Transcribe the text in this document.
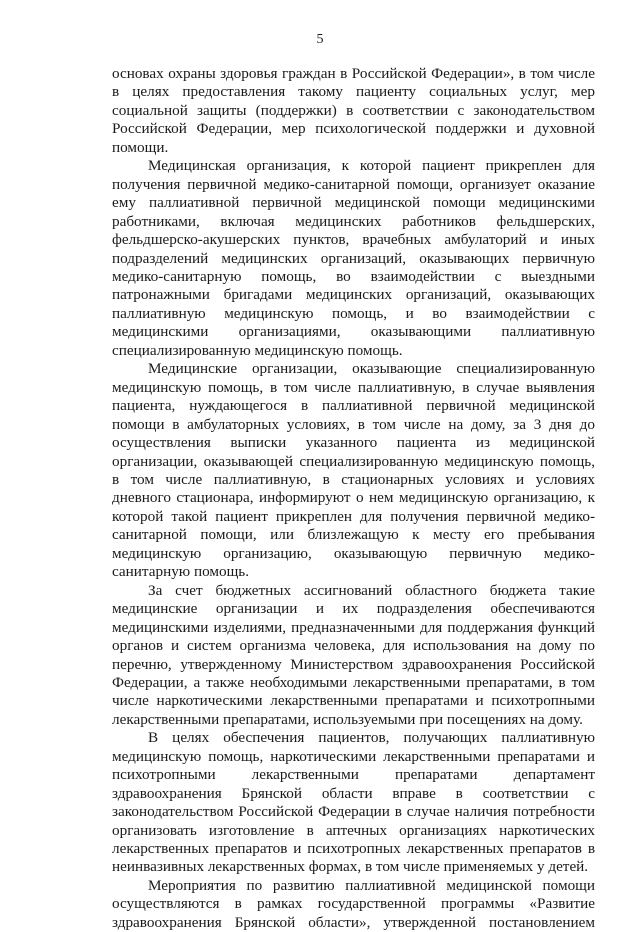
5

основах охраны здоровья граждан в Российской Федерации», в том числе в целях предоставления такому пациенту социальных услуг, мер социальной защиты (поддержки) в соответствии с законодательством Российской Федерации, мер психологической поддержки и духовной помощи.

Медицинская организация, к которой пациент прикреплен для получения первичной медико-санитарной помощи, организует оказание ему паллиативной первичной медицинской помощи медицинскими работниками, включая медицинских работников фельдшерских, фельдшерско-акушерских пунктов, врачебных амбулаторий и иных подразделений медицинских организаций, оказывающих первичную медико-санитарную помощь, во взаимодействии с выездными патронажными бригадами медицинских организаций, оказывающих паллиативную медицинскую помощь, и во взаимодействии с медицинскими организациями, оказывающими паллиативную специализированную медицинскую помощь.

Медицинские организации, оказывающие специализированную медицинскую помощь, в том числе паллиативную, в случае выявления пациента, нуждающегося в паллиативной первичной медицинской помощи в амбулаторных условиях, в том числе на дому, за 3 дня до осуществления выписки указанного пациента из медицинской организации, оказывающей специализированную медицинскую помощь, в том числе паллиативную, в стационарных условиях и условиях дневного стационара, информируют о нем медицинскую организацию, к которой такой пациент прикреплен для получения первичной медико-санитарной помощи, или близлежащую к месту его пребывания медицинскую организацию, оказывающую первичную медико-санитарную помощь.

За счет бюджетных ассигнований областного бюджета такие медицинские организации и их подразделения обеспечиваются медицинскими изделиями, предназначенными для поддержания функций органов и систем организма человека, для использования на дому по перечню, утвержденному Министерством здравоохранения Российской Федерации, а также необходимыми лекарственными препаратами, в том числе наркотическими лекарственными препаратами и психотропными лекарственными препаратами, используемыми при посещениях на дому.

В целях обеспечения пациентов, получающих паллиативную медицинскую помощь, наркотическими лекарственными препаратами и психотропными лекарственными препаратами департамент здравоохранения Брянской области вправе в соответствии с законодательством Российской Федерации в случае наличия потребности организовать изготовление в аптечных организациях наркотических лекарственных препаратов и психотропных лекарственных препаратов в неинвазивных лекарственных формах, в том числе применяемых у детей.

Мероприятия по развитию паллиативной медицинской помощи осуществляются в рамках государственной программы «Развитие здравоохранения Брянской области», утвержденной постановлением
